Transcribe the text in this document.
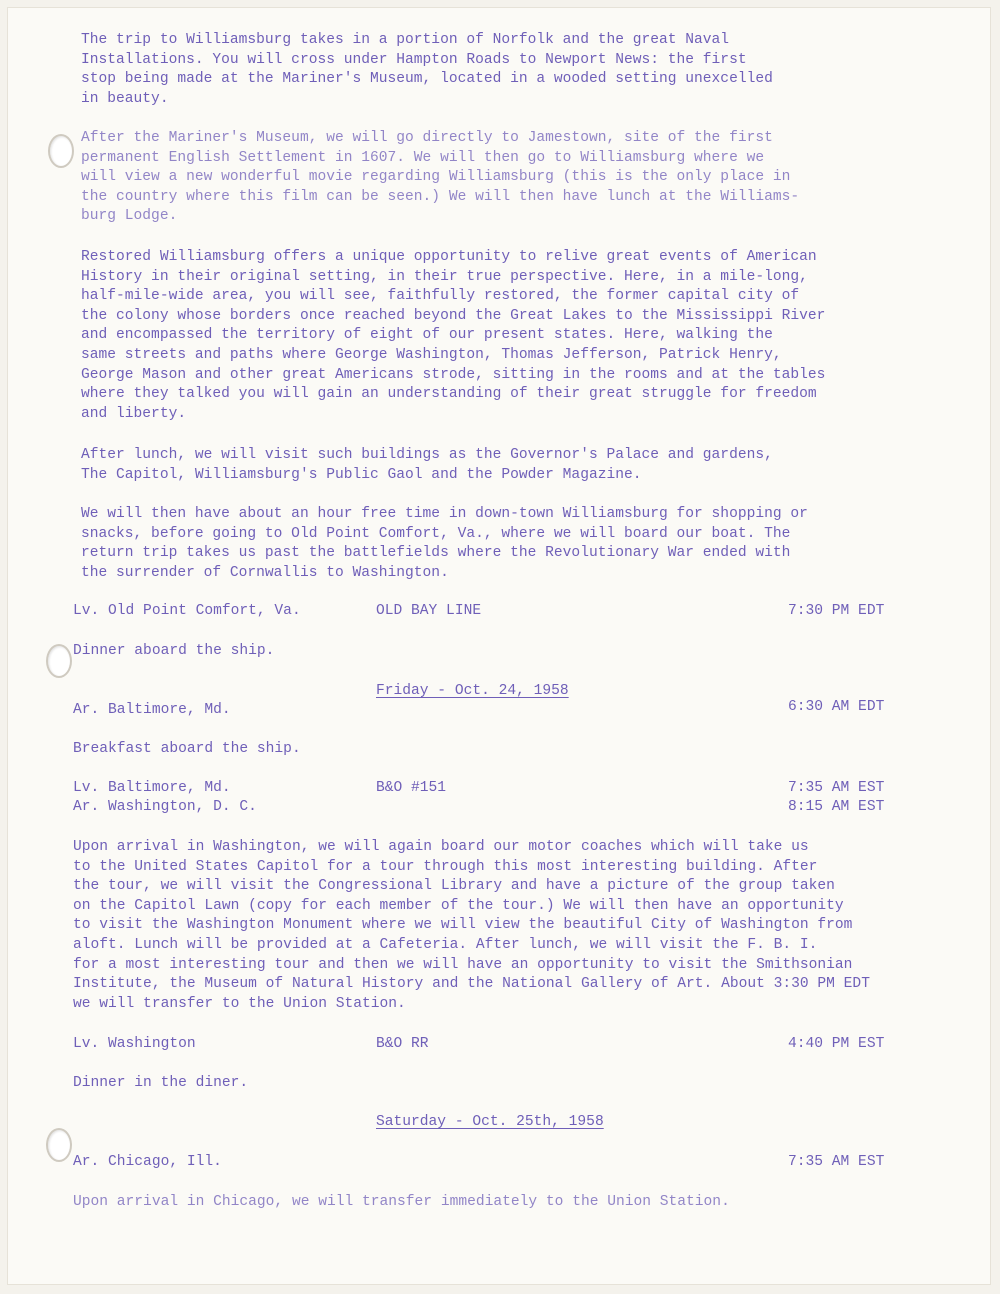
The trip to Williamsburg takes in a portion of Norfolk and the great Naval
Installations. You will cross under Hampton Roads to Newport News: the first
stop being made at the Mariner's Museum, located in a wooded setting unexcelled
in beauty.

After the Mariner's Museum, we will go directly to Jamestown, site of the first
permanent English Settlement in 1607. We will then go to Williamsburg where we
will view a new wonderful movie regarding Williamsburg (this is the only place in
the country where this film can be seen.) We will then have lunch at the Williams-
burg Lodge.

Restored Williamsburg offers a unique opportunity to relive great events of American
History in their original setting, in their true perspective. Here, in a mile-long,
half-mile-wide area, you will see, faithfully restored, the former capital city of
the colony whose borders once reached beyond the Great Lakes to the Mississippi River
and encompassed the territory of eight of our present states. Here, walking the
same streets and paths where George Washington, Thomas Jefferson, Patrick Henry,
George Mason and other great Americans strode, sitting in the rooms and at the tables
where they talked you will gain an understanding of their great struggle for freedom
and liberty.

After lunch, we will visit such buildings as the Governor's Palace and gardens,
The Capitol, Williamsburg's Public Gaol and the Powder Magazine.

We will then have about an hour free time in down-town Williamsburg for shopping or
snacks, before going to Old Point Comfort, Va., where we will board our boat. The
return trip takes us past the battlefields where the Revolutionary War ended with
the surrender of Cornwallis to Washington.

Lv. Old Point Comfort, Va.	OLD BAY LINE	7:30 PM EDT
Dinner aboard the ship.
Friday - Oct. 24, 1958
Ar. Baltimore, Md.	6:30 AM EDT
Breakfast aboard the ship.
Lv. Baltimore, Md.	B&O #151	7:35 AM EST
Ar. Washington, D. C.	8:15 AM EST

Upon arrival in Washington, we will again board our motor coaches which will take us
to the United States Capitol for a tour through this most interesting building. After
the tour, we will visit the Congressional Library and have a picture of the group taken
on the Capitol Lawn (copy for each member of the tour.) We will then have an opportunity
to visit the Washington Monument where we will view the beautiful City of Washington from
aloft. Lunch will be provided at a Cafeteria. After lunch, we will visit the F. B. I.
for a most interesting tour and then we will have an opportunity to visit the Smithsonian
Institute, the Museum of Natural History and the National Gallery of Art. About 3:30 PM EDT
we will transfer to the Union Station.

Lv. Washington	B&O RR	4:40 PM EST
Dinner in the diner.
Saturday - Oct. 25th, 1958
Ar. Chicago, Ill.	7:35 AM EST

Upon arrival in Chicago, we will transfer immediately to the Union Station.
